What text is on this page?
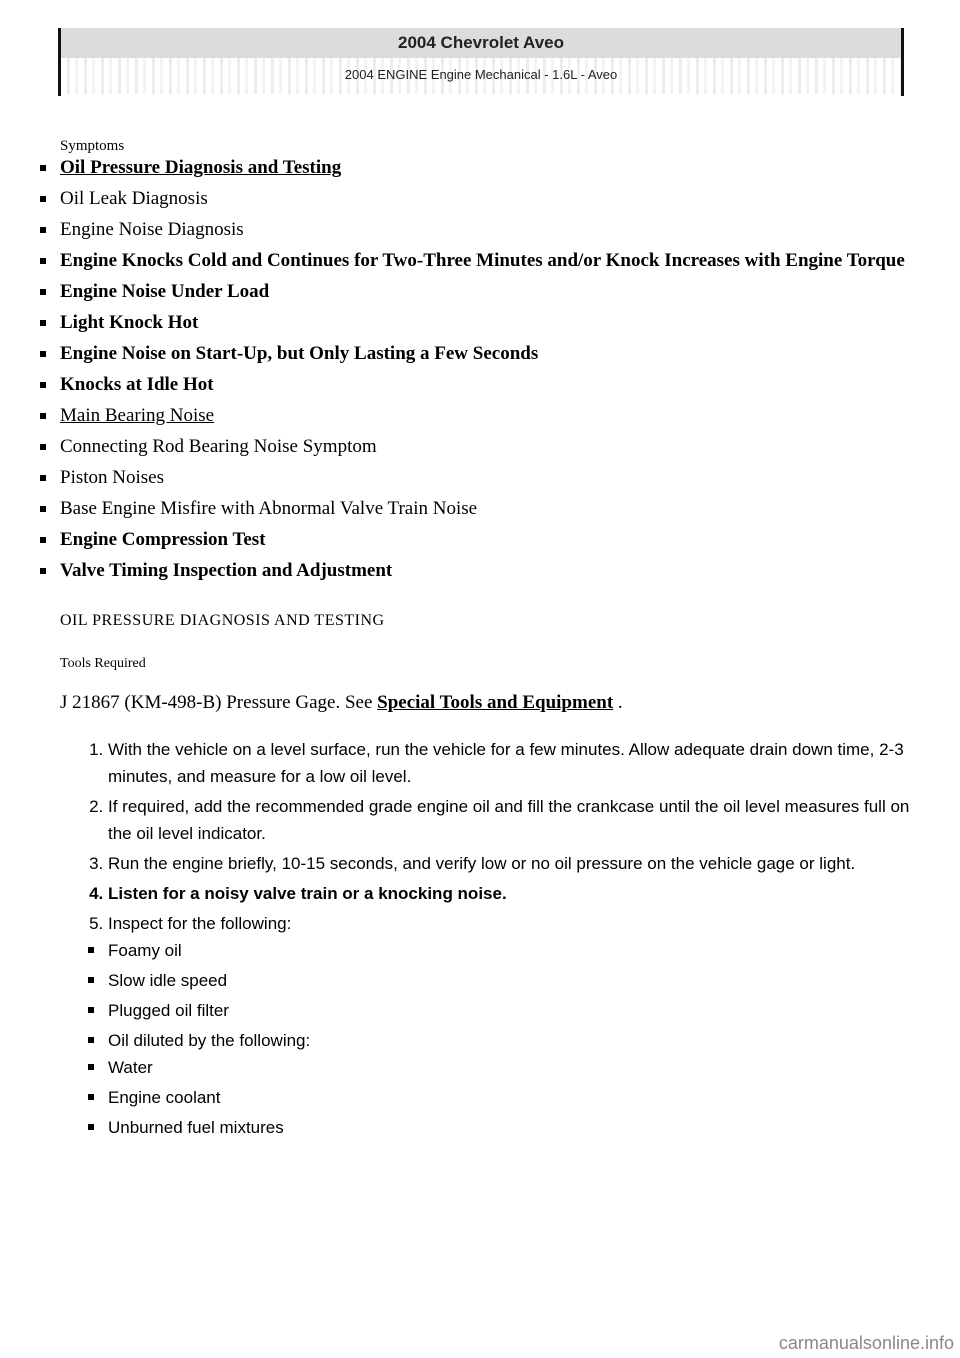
2004 Chevrolet Aveo
2004 ENGINE Engine Mechanical - 1.6L - Aveo

Symptoms

Oil Pressure Diagnosis and Testing
Oil Leak Diagnosis
Engine Noise Diagnosis
Engine Knocks Cold and Continues for Two-Three Minutes and/or Knock Increases with Engine Torque
Engine Noise Under Load
Light Knock Hot
Engine Noise on Start-Up, but Only Lasting a Few Seconds
Knocks at Idle Hot
Main Bearing Noise
Connecting Rod Bearing Noise Symptom
Piston Noises
Base Engine Misfire with Abnormal Valve Train Noise
Engine Compression Test
Valve Timing Inspection and Adjustment

OIL PRESSURE DIAGNOSIS AND TESTING

Tools Required

J 21867 (KM-498-B) Pressure Gage. See Special Tools and Equipment .

1. With the vehicle on a level surface, run the vehicle for a few minutes. Allow adequate drain down time, 2-3 minutes, and measure for a low oil level.
2. If required, add the recommended grade engine oil and fill the crankcase until the oil level measures full on the oil level indicator.
3. Run the engine briefly, 10-15 seconds, and verify low or no oil pressure on the vehicle gage or light.
4. Listen for a noisy valve train or a knocking noise.
5. Inspect for the following:
Foamy oil
Slow idle speed
Plugged oil filter
Oil diluted by the following:
Water
Engine coolant
Unburned fuel mixtures
carmanualsonline.info
